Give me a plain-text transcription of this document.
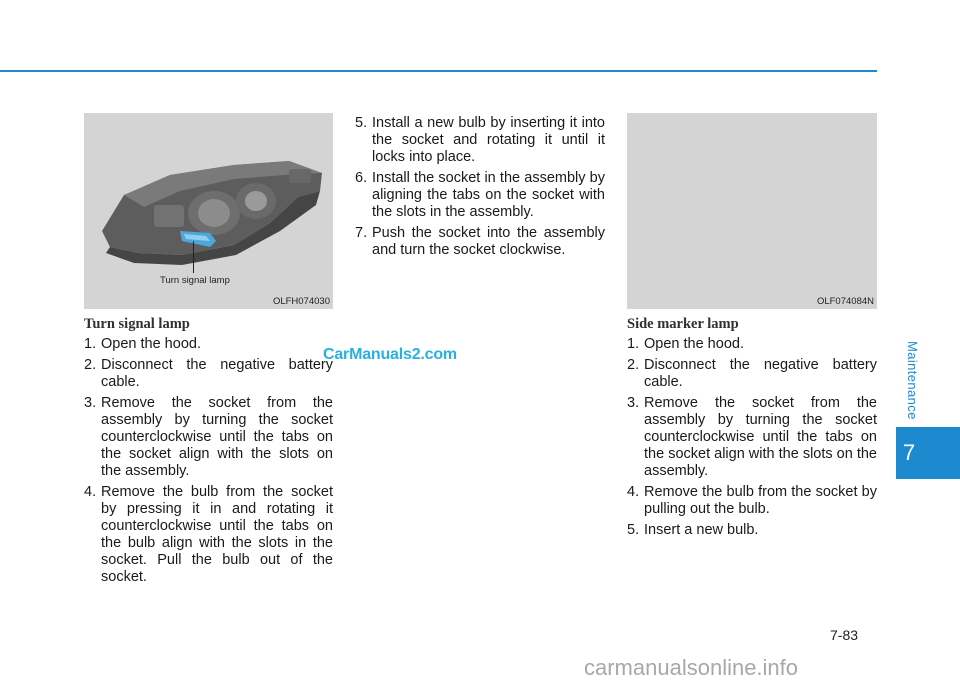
Turn signal lamp
OLFH074030	OLF074084N
Turn signal lamp
1. Open the hood.
2. Disconnect the negative battery cable.
3. Remove the socket from the assembly by turning the socket counterclockwise until the tabs on the socket align with the slots on the assembly.
4. Remove the bulb from the socket by pressing it in and rotating it counterclockwise until the tabs on the bulb align with the slots in the socket. Pull the bulb out of the socket.
5. Install a new bulb by inserting it into the socket and rotating it until it locks into place.
6. Install the socket in the assembly by aligning the tabs on the socket with the slots in the assembly.
7. Push the socket into the assembly and turn the socket clockwise.
Side marker lamp
1. Open the hood.
2. Disconnect the negative battery cable.
3. Remove the socket from the assembly by turning the socket counterclockwise until the tabs on the socket align with the slots on the assembly.
4. Remove the bulb from the socket by pulling out the bulb.
5. Insert a new bulb.
CarManuals2.com	Maintenance
7
7-83
carmanualsonline.info
